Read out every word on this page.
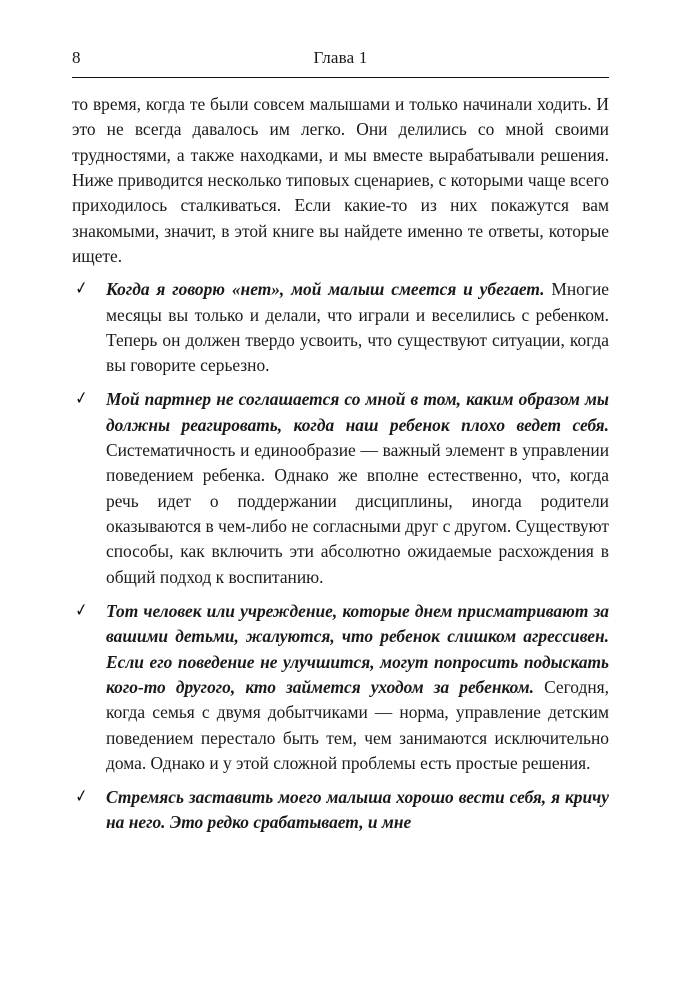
8	Глава 1

то время, когда те были совсем малышами и только начинали ходить. И это не всегда давалось им легко. Они делились со мной своими трудностями, а также находками, и мы вместе вырабатывали решения. Ниже приводится несколько типовых сценариев, с которыми чаще всего приходилось сталкиваться. Если какие-то из них покажутся вам знакомыми, значит, в этой книге вы найдете именно те ответы, которые ищете.

✓ Когда я говорю «нет», мой малыш смеется и убегает. Многие месяцы вы только и делали, что играли и веселились с ребенком. Теперь он должен твердо усвоить, что существуют ситуации, когда вы говорите серьезно.
✓ Мой партнер не соглашается со мной в том, каким образом мы должны реагировать, когда наш ребенок плохо ведет себя. Систематичность и единообразие — важный элемент в управлении поведением ребенка. Однако же вполне естественно, что, когда речь идет о поддержании дисциплины, иногда родители оказываются в чем-либо не согласными друг с другом. Существуют способы, как включить эти абсолютно ожидаемые расхождения в общий подход к воспитанию.
✓ Тот человек или учреждение, которые днем присматривают за вашими детьми, жалуются, что ребенок слишком агрессивен. Если его поведение не улучшится, могут попросить подыскать кого-то другого, кто займется уходом за ребенком. Сегодня, когда семья с двумя добытчиками — норма, управление детским поведением перестало быть тем, чем занимаются исключительно дома. Однако и у этой сложной проблемы есть простые решения.
✓ Стремясь заставить моего малыша хорошо вести себя, я кричу на него. Это редко срабатывает, и мне
